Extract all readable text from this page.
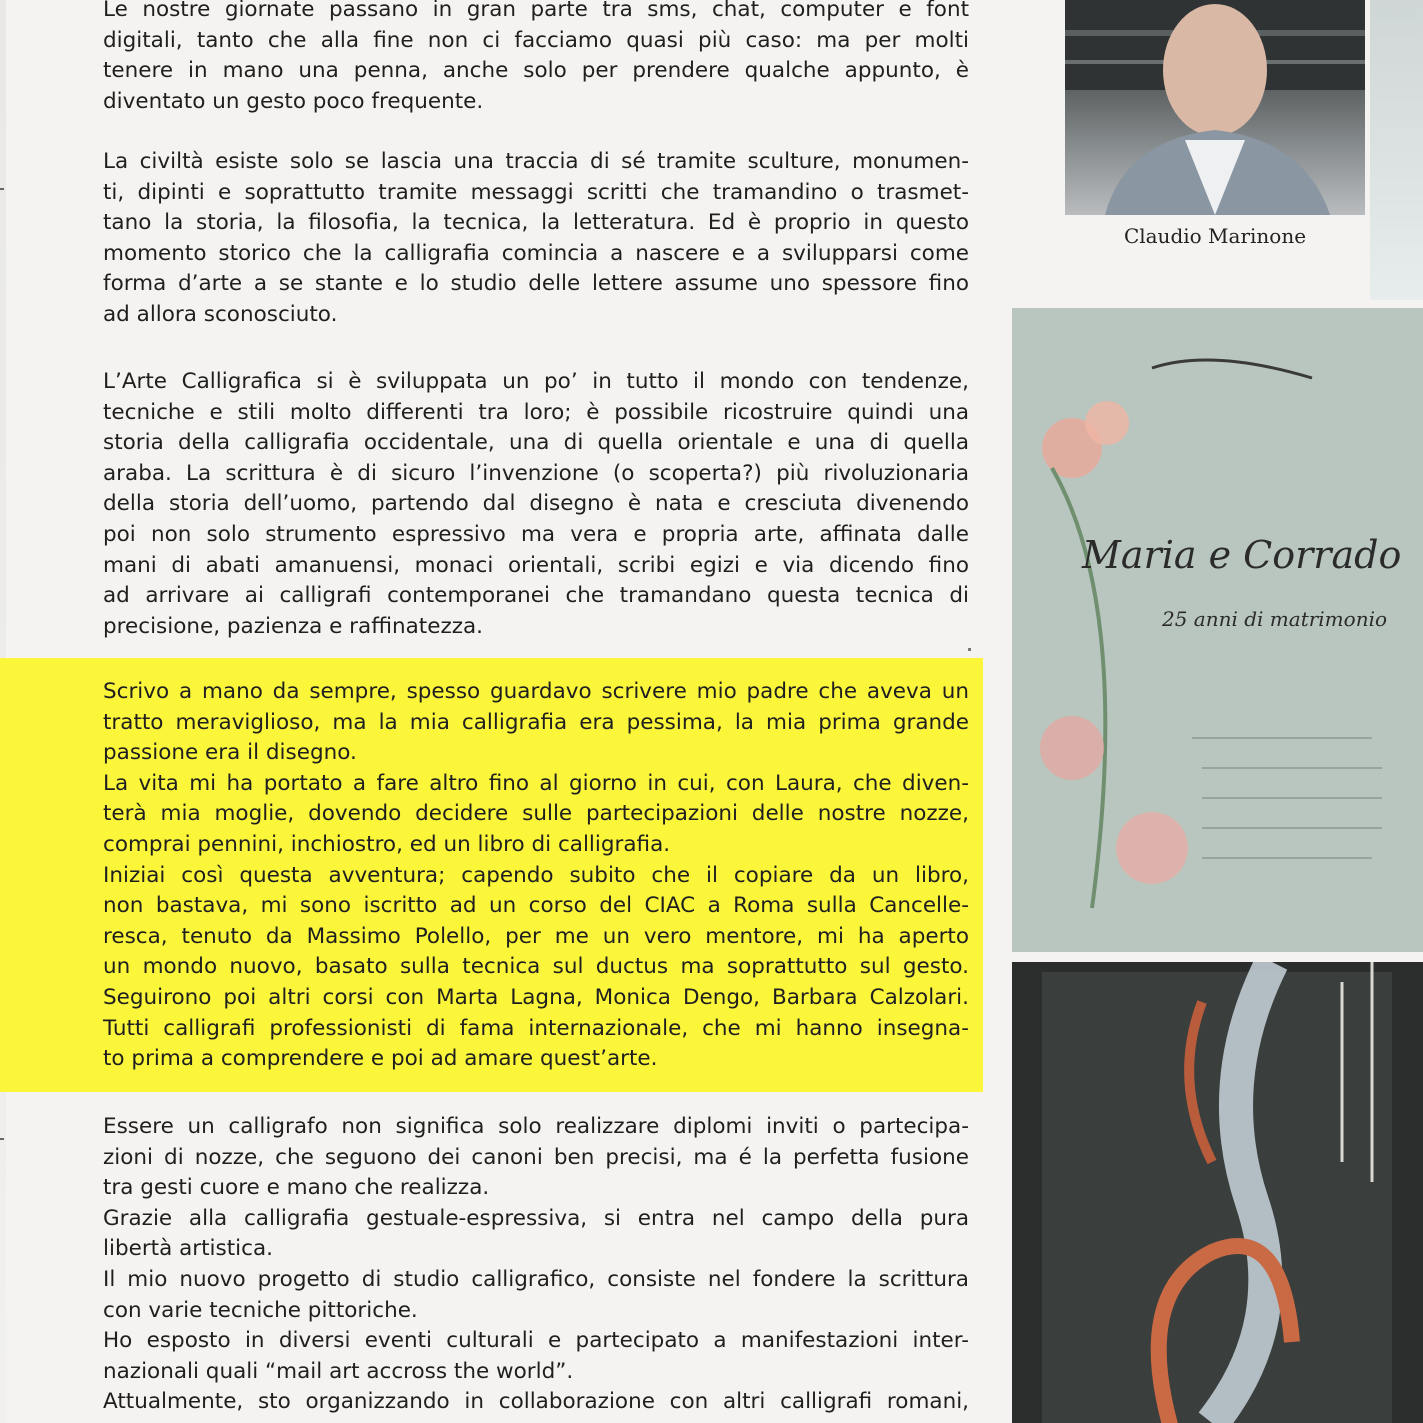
Le nostre giornate passano in gran parte tra sms, chat, computer e font
digitali, tanto che alla fine non ci facciamo quasi più caso: ma per molti
tenere in mano una penna, anche solo per prendere qualche appunto, è
diventato un gesto poco frequente.

La civiltà esiste solo se lascia una traccia di sé tramite sculture, monumen-
ti, dipinti e soprattutto tramite messaggi scritti che tramandino o trasmet-
tano la storia, la filosofia, la tecnica, la letteratura. Ed è proprio in questo
momento storico che la calligrafia comincia a nascere e a svilupparsi come
forma d’arte a se stante e lo studio delle lettere assume uno spessore fino
ad allora sconosciuto.

L’Arte Calligrafica si è sviluppata un po’ in tutto il mondo con tendenze,
tecniche e stili molto differenti tra loro; è possibile ricostruire quindi una
storia della calligrafia occidentale, una di quella orientale e una di quella
araba. La scrittura è di sicuro l’invenzione (o scoperta?) più rivoluzionaria
della storia dell’uomo, partendo dal disegno è nata e cresciuta divenendo
poi non solo strumento espressivo ma vera e propria arte, affinata dalle
mani di abati amanuensi, monaci orientali, scribi egizi e via dicendo fino
ad arrivare ai calligrafi contemporanei che tramandano questa tecnica di
precisione, pazienza e raffinatezza.

Scrivo a mano da sempre, spesso guardavo scrivere mio padre che aveva un
tratto meraviglioso, ma la mia calligrafia era pessima, la mia prima grande
passione era il disegno.
La vita mi ha portato a fare altro fino al giorno in cui, con Laura, che diven-
terà mia moglie, dovendo decidere sulle partecipazioni delle nostre nozze,
comprai pennini, inchiostro, ed un libro di calligrafia.
Iniziai così questa avventura; capendo subito che il copiare da un libro,
non bastava, mi sono iscritto ad un corso del CIAC a Roma sulla Cancelle-
resca, tenuto da Massimo Polello, per me un vero mentore, mi ha aperto
un mondo nuovo, basato sulla tecnica sul ductus ma soprattutto sul gesto.
Seguirono poi altri corsi con Marta Lagna, Monica Dengo, Barbara Calzolari.
Tutti calligrafi professionisti di fama internazionale, che mi hanno insegna-
to prima a comprendere e poi ad amare quest’arte.

Essere un calligrafo non significa solo realizzare diplomi inviti o partecipa-
zioni di nozze, che seguono dei canoni ben precisi, ma é la perfetta fusione
tra gesti cuore e mano che realizza.
Grazie alla calligrafia gestuale-espressiva, si entra nel campo della pura
libertà artistica.
Il mio nuovo progetto di studio calligrafico, consiste nel fondere la scrittura
con varie tecniche pittoriche.
Ho esposto in diversi eventi culturali e partecipato a manifestazioni inter-
nazionali quali “mail art accross the world”.
Attualmente, sto organizzando in collaborazione con altri calligrafi romani,

Claudio Marinone
Maria e Corrado
25 anni di matrimonio
